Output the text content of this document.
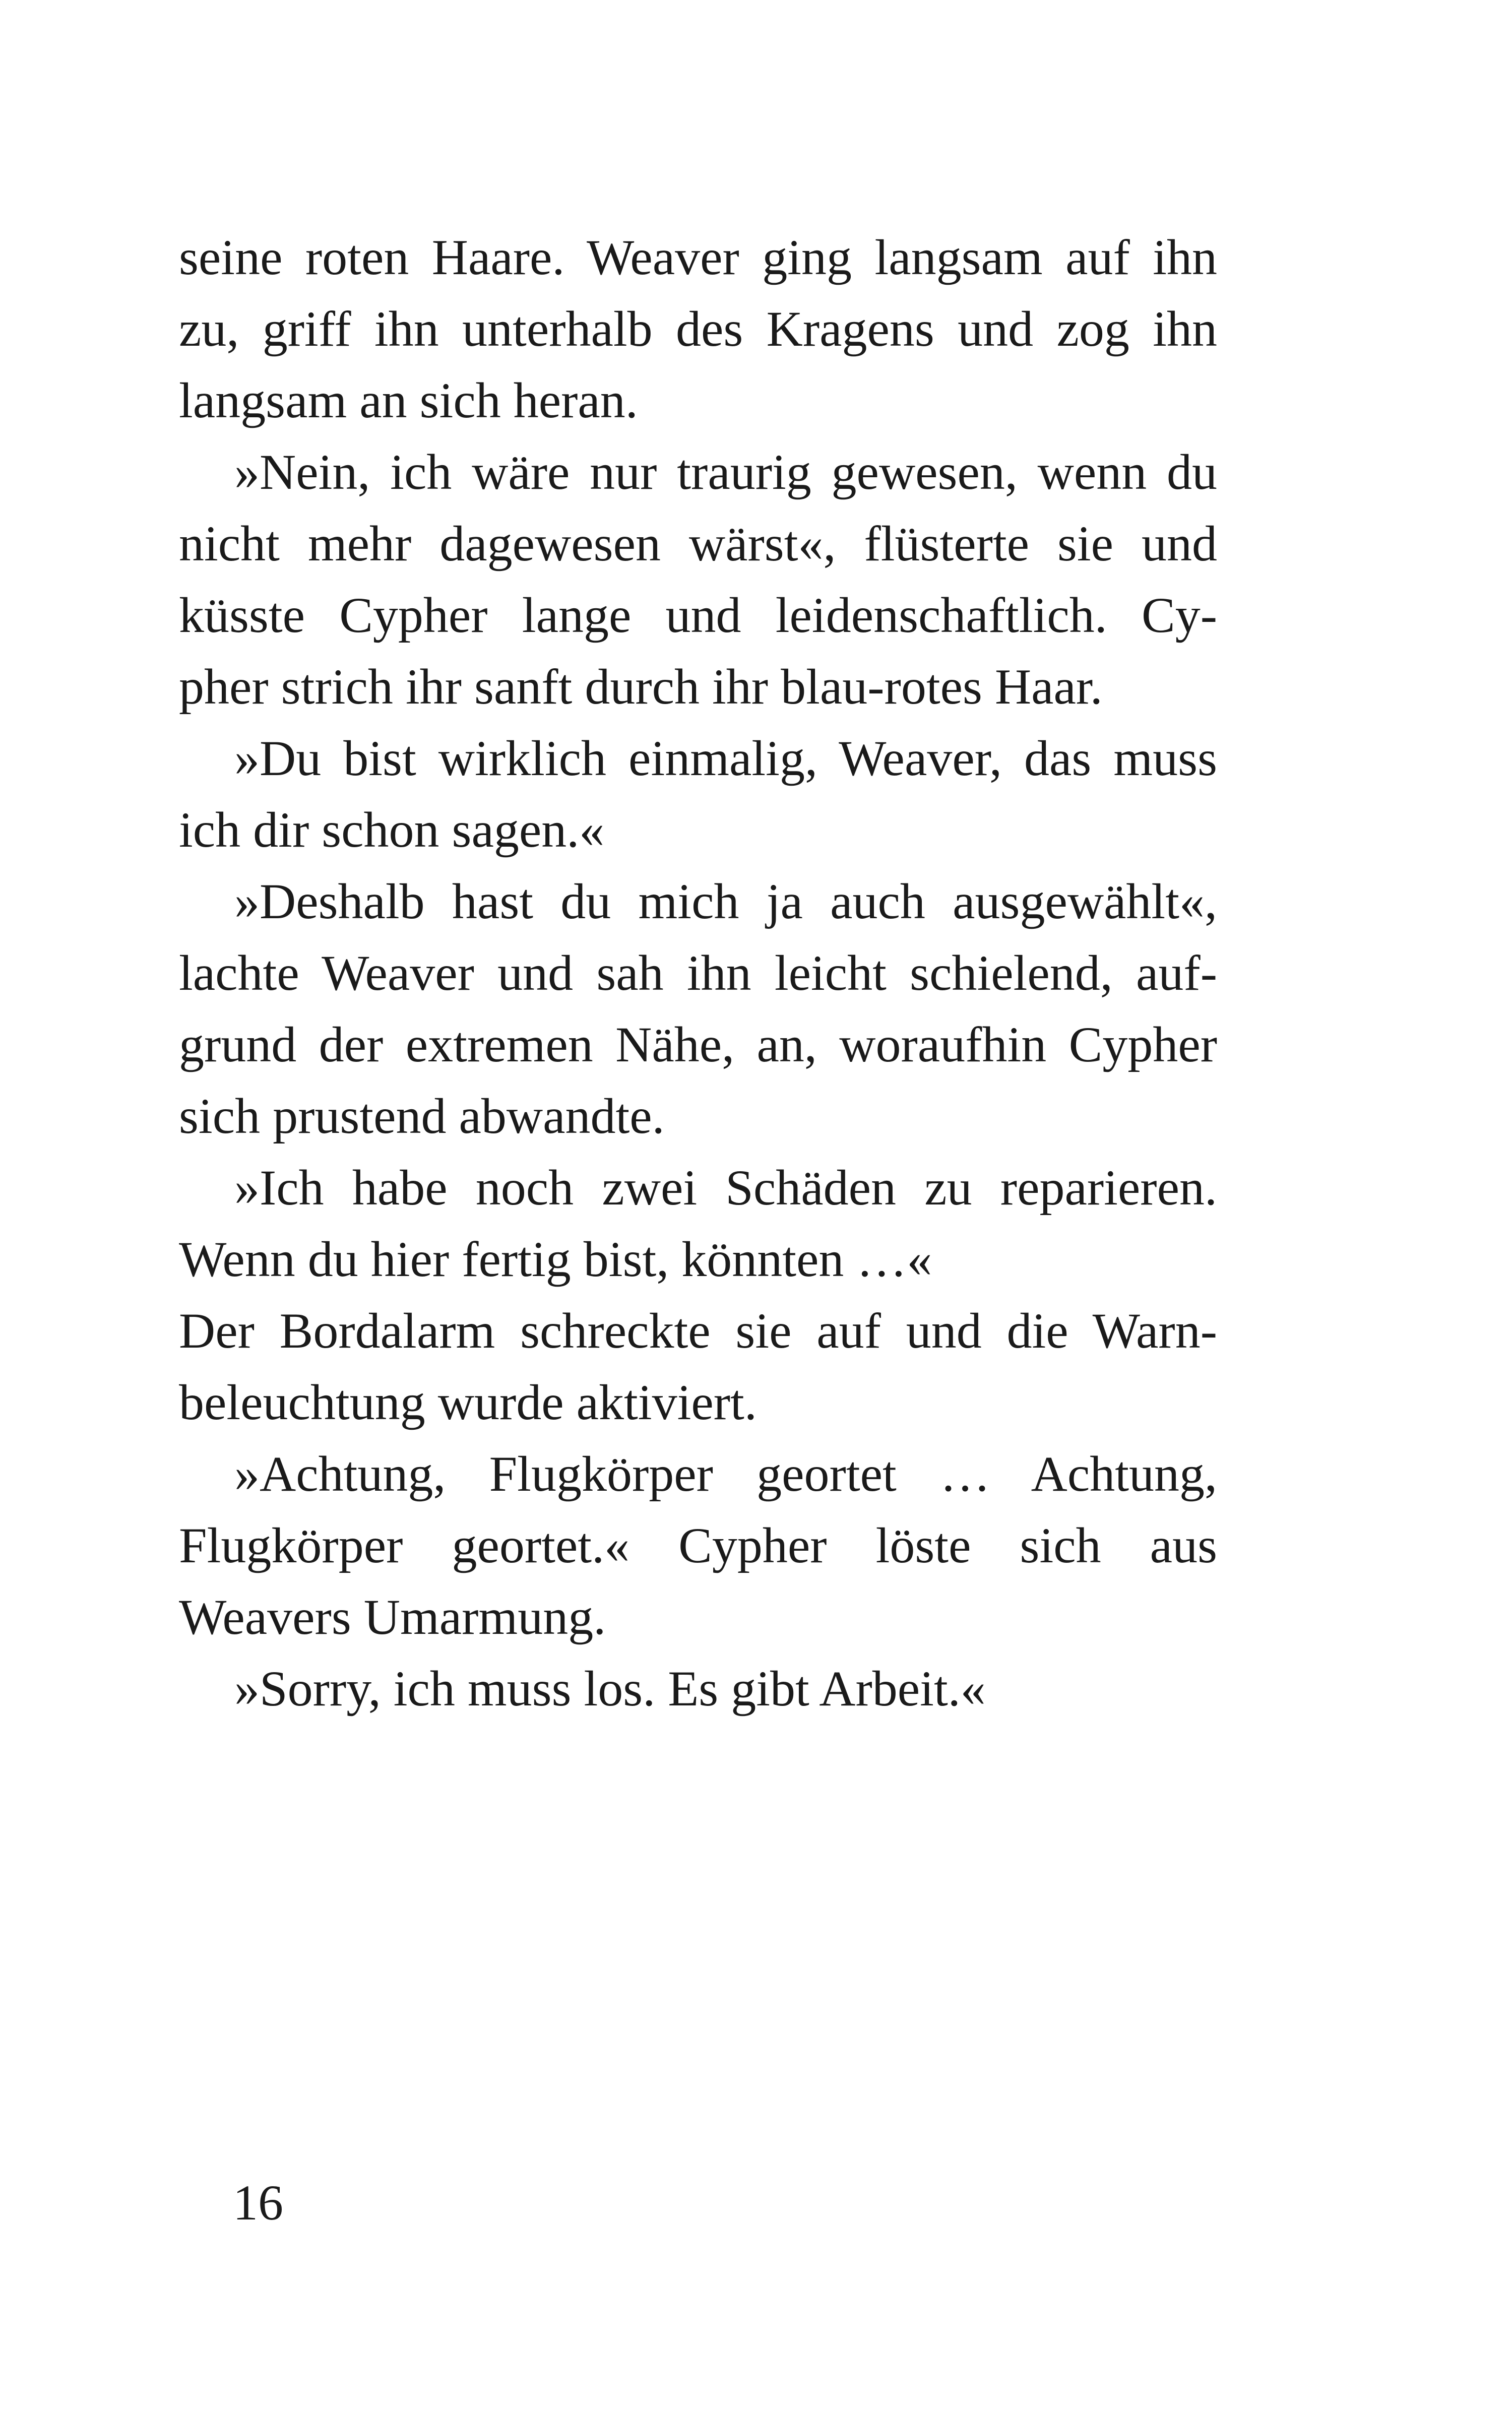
seine roten Haare. Weaver ging langsam auf ihn
zu, griff ihn unterhalb des Kragens und zog ihn
langsam an sich heran.
»Nein, ich wäre nur traurig gewesen, wenn du
nicht mehr dagewesen wärst«, flüsterte sie und
küsste Cypher lange und leidenschaftlich. Cy-
pher strich ihr sanft durch ihr blau-rotes Haar.
»Du bist wirklich einmalig, Weaver, das muss
ich dir schon sagen.«
»Deshalb hast du mich ja auch ausgewählt«,
lachte Weaver und sah ihn leicht schielend, auf-
grund der extremen Nähe, an, woraufhin Cypher
sich prustend abwandte.
»Ich habe noch zwei Schäden zu reparieren.
Wenn du hier fertig bist, könnten …«
Der Bordalarm schreckte sie auf und die Warn-
beleuchtung wurde aktiviert.
»Achtung, Flugkörper geortet … Achtung,
Flugkörper geortet.« Cypher löste sich aus
Weavers Umarmung.
»Sorry, ich muss los. Es gibt Arbeit.«
16
